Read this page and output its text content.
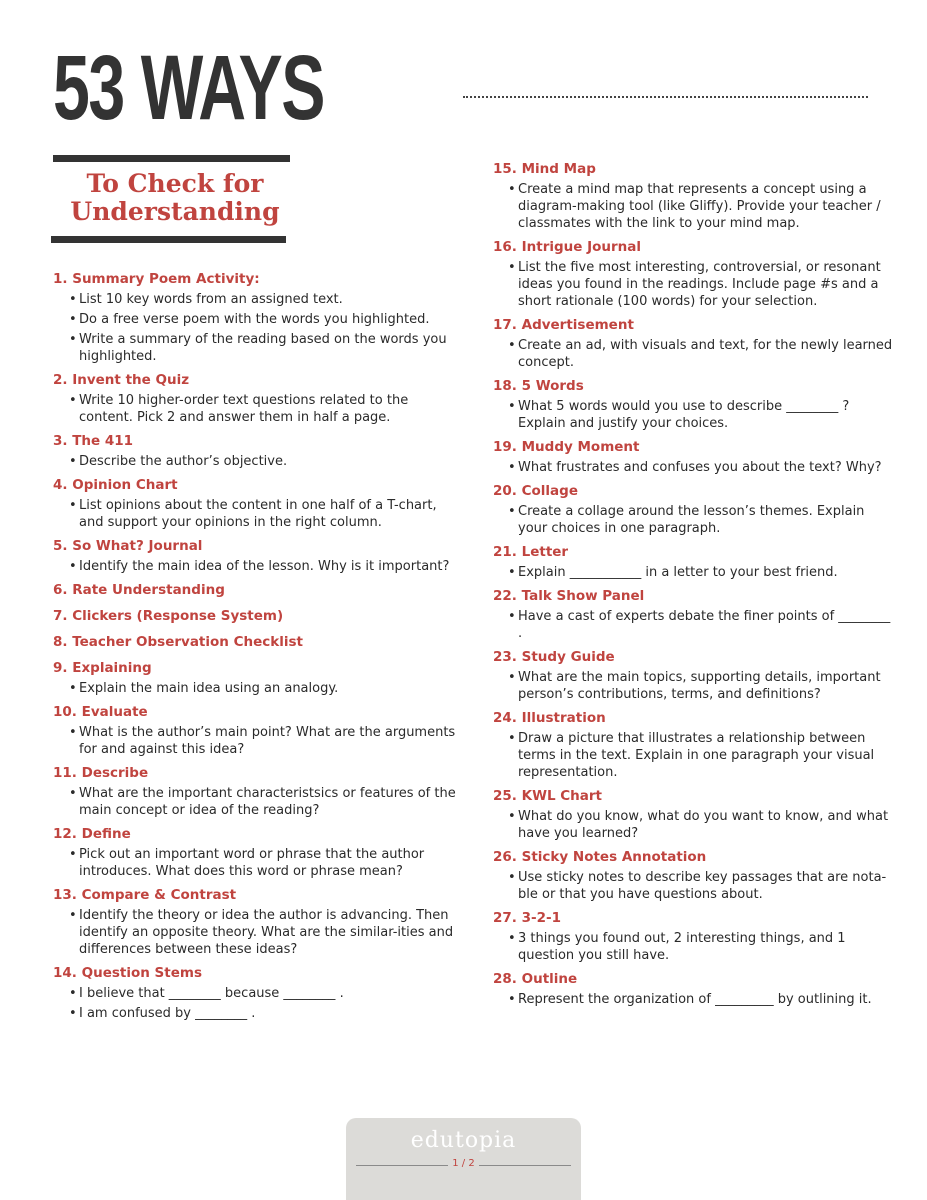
53 WAYS
To Check for
Understanding
1. Summary Poem Activity:
• List 10 key words from an assigned text.
• Do a free verse poem with the words you highlighted.
• Write a summary of the reading based on the words you highlighted.
2. Invent the Quiz
• Write 10 higher-order text questions related to the content. Pick 2 and answer them in half a page.
3. The 411
• Describe the author’s objective.
4. Opinion Chart
• List opinions about the content in one half of a T-chart, and support your opinions in the right column.
5. So What? Journal
• Identify the main idea of the lesson. Why is it important?
6. Rate Understanding
7. Clickers (Response System)
8. Teacher Observation Checklist
9. Explaining
• Explain the main idea using an analogy.
10. Evaluate
• What is the author’s main point? What are the arguments for and against this idea?
11. Describe
• What are the important characteristsics or features of the main concept or idea of the reading?
12. Define
• Pick out an important word or phrase that the author introduces. What does this word or phrase mean?
13. Compare & Contrast
• Identify the theory or idea the author is advancing. Then identify an opposite theory. What are the similar-ities and differences between these ideas?
14. Question Stems
• I believe that ________ because ________ .
• I am confused by ________ .
15. Mind Map
• Create a mind map that represents a concept using a diagram-making tool (like Gliffy). Provide your teacher / classmates with the link to your mind map.
16. Intrigue Journal
• List the five most interesting, controversial, or resonant ideas you found in the readings. Include page #s and a short rationale (100 words) for your selection.
17. Advertisement
• Create an ad, with visuals and text, for the newly learned concept.
18. 5 Words
• What 5 words would you use to describe ________ ? Explain and justify your choices.
19. Muddy Moment
• What frustrates and confuses you about the text? Why?
20. Collage
• Create a collage around the lesson’s themes. Explain your choices in one paragraph.
21. Letter
• Explain ___________ in a letter to your best friend.
22. Talk Show Panel
• Have a cast of experts debate the finer points of ________ .
23. Study Guide
• What are the main topics, supporting details, important person’s contributions, terms, and definitions?
24. Illustration
• Draw a picture that illustrates a relationship between terms in the text. Explain in one paragraph your visual representation.
25. KWL Chart
• What do you know, what do you want to know, and what have you learned?
26. Sticky Notes Annotation
• Use sticky notes to describe key passages that are nota-ble or that you have questions about.
27. 3-2-1
• 3 things you found out, 2 interesting things, and 1 question you still have.
28. Outline
• Represent the organization of _________ by outlining it.
edutopia
1 / 2
